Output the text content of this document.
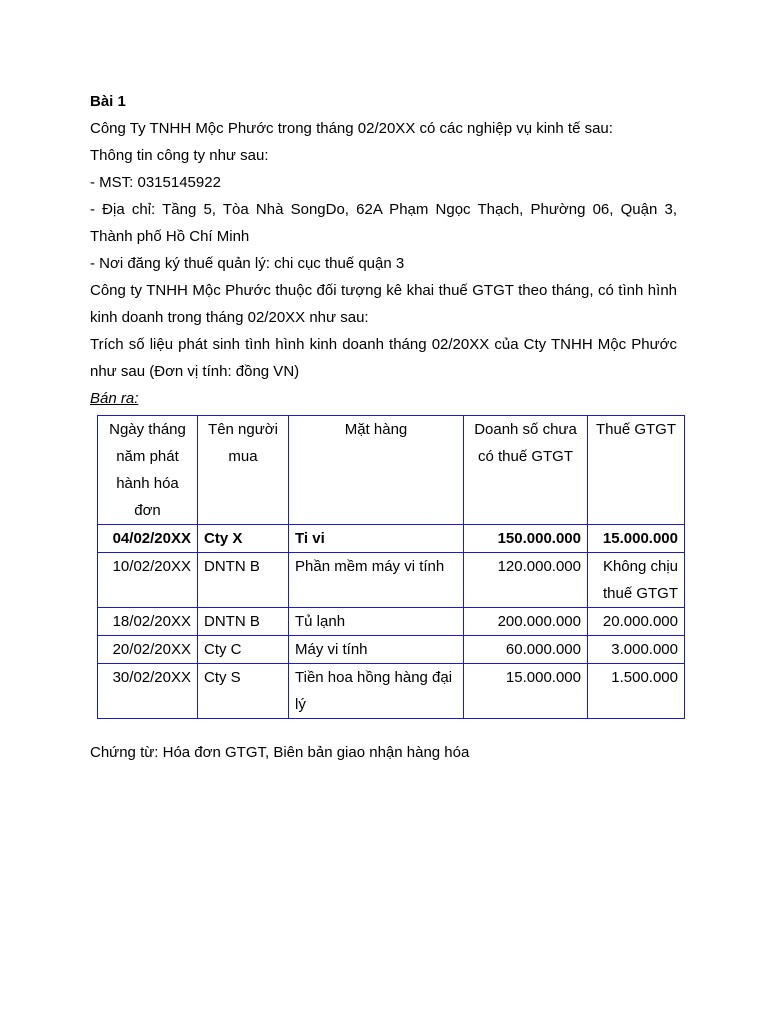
Bài 1

Công Ty TNHH Mộc Phước trong tháng 02/20XX có các nghiệp vụ kinh tế sau:

Thông tin công ty như sau:

- MST: 0315145922

- Địa chỉ: Tầng 5, Tòa Nhà SongDo, 62A Phạm Ngọc Thạch, Phường 06, Quận 3, Thành phố Hồ Chí Minh

- Nơi đăng ký thuế quản lý: chi cục thuế quận 3

Công ty TNHH Mộc Phước thuộc đối tượng kê khai thuế GTGT theo tháng, có tình hình kinh doanh trong tháng 02/20XX như sau:

Trích số liệu phát sinh tình hình kinh doanh tháng 02/20XX của Cty TNHH Mộc Phước như sau (Đơn vị tính: đồng VN)

Bán ra:

Ngày tháng năm phát hành hóa đơn	Tên người mua	Mặt hàng	Doanh số chưa có thuế GTGT	Thuế GTGT
04/02/20XX	Cty X	Ti vi	150.000.000	15.000.000
10/02/20XX	DNTN B	Phần mềm máy vi tính	120.000.000	Không chịu thuế GTGT
18/02/20XX	DNTN B	Tủ lạnh	200.000.000	20.000.000
20/02/20XX	Cty C	Máy vi tính	60.000.000	3.000.000
30/02/20XX	Cty S	Tiền hoa hồng hàng đại lý	15.000.000	1.500.000

Chứng từ: Hóa đơn GTGT, Biên bản giao nhận hàng hóa
